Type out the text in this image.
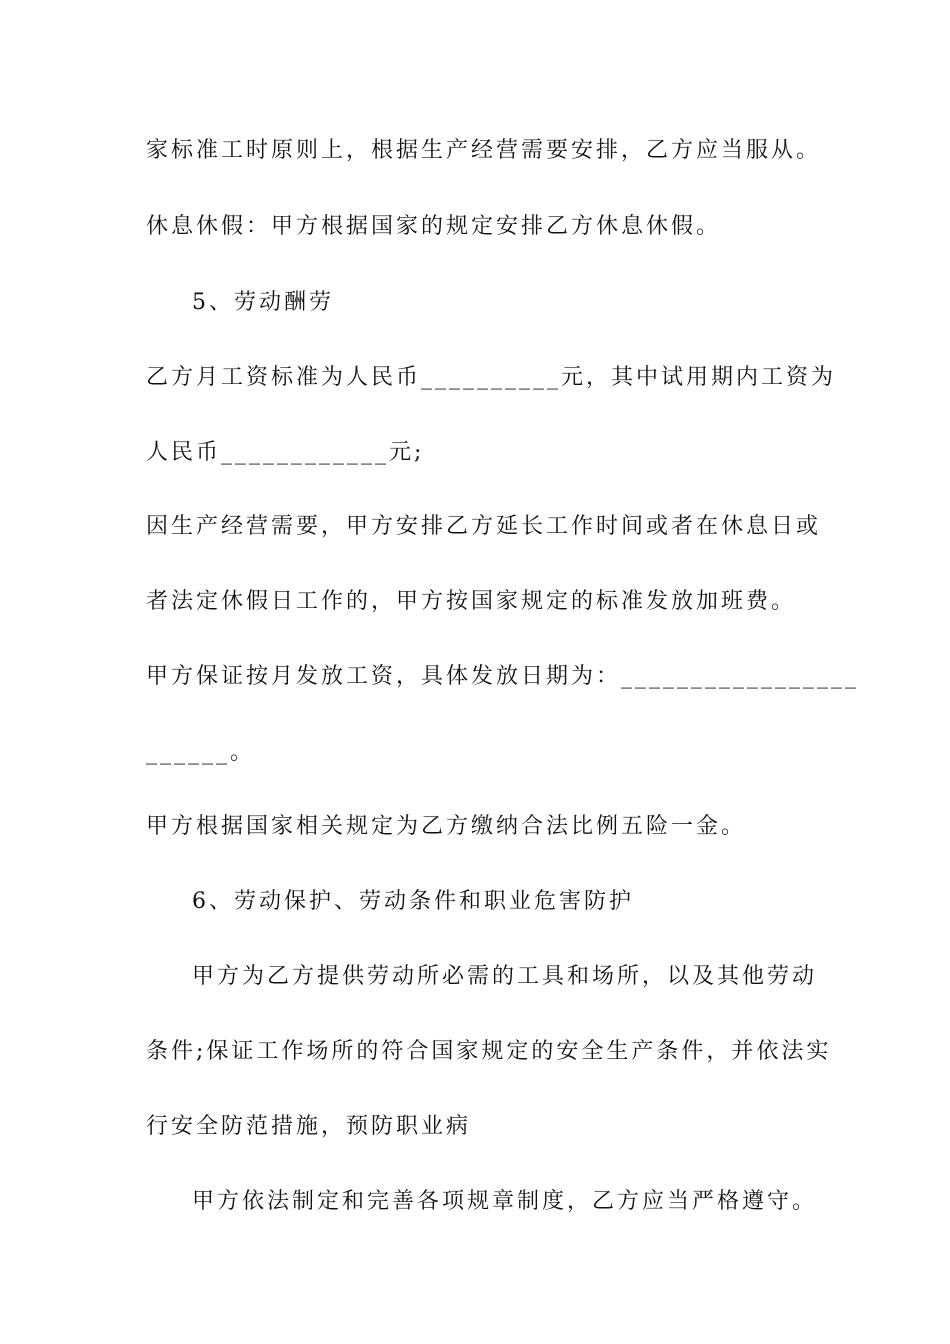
家标准工时原则上，根据生产经营需要安排，乙方应当服从。
休息休假：甲方根据国家的规定安排乙方休息休假。
5、劳动酬劳
乙方月工资标准为人民币__________元，其中试用期内工资为
人民币____________元;
因生产经营需要，甲方安排乙方延长工作时间或者在休息日或
者法定休假日工作的，甲方按国家规定的标准发放加班费。
甲方保证按月发放工资，具体发放日期为：_________________
______。
甲方根据国家相关规定为乙方缴纳合法比例五险一金。
6、劳动保护、劳动条件和职业危害防护
甲方为乙方提供劳动所必需的工具和场所，以及其他劳动
条件;保证工作场所的符合国家规定的安全生产条件，并依法实
行安全防范措施，预防职业病
甲方依法制定和完善各项规章制度，乙方应当严格遵守。
